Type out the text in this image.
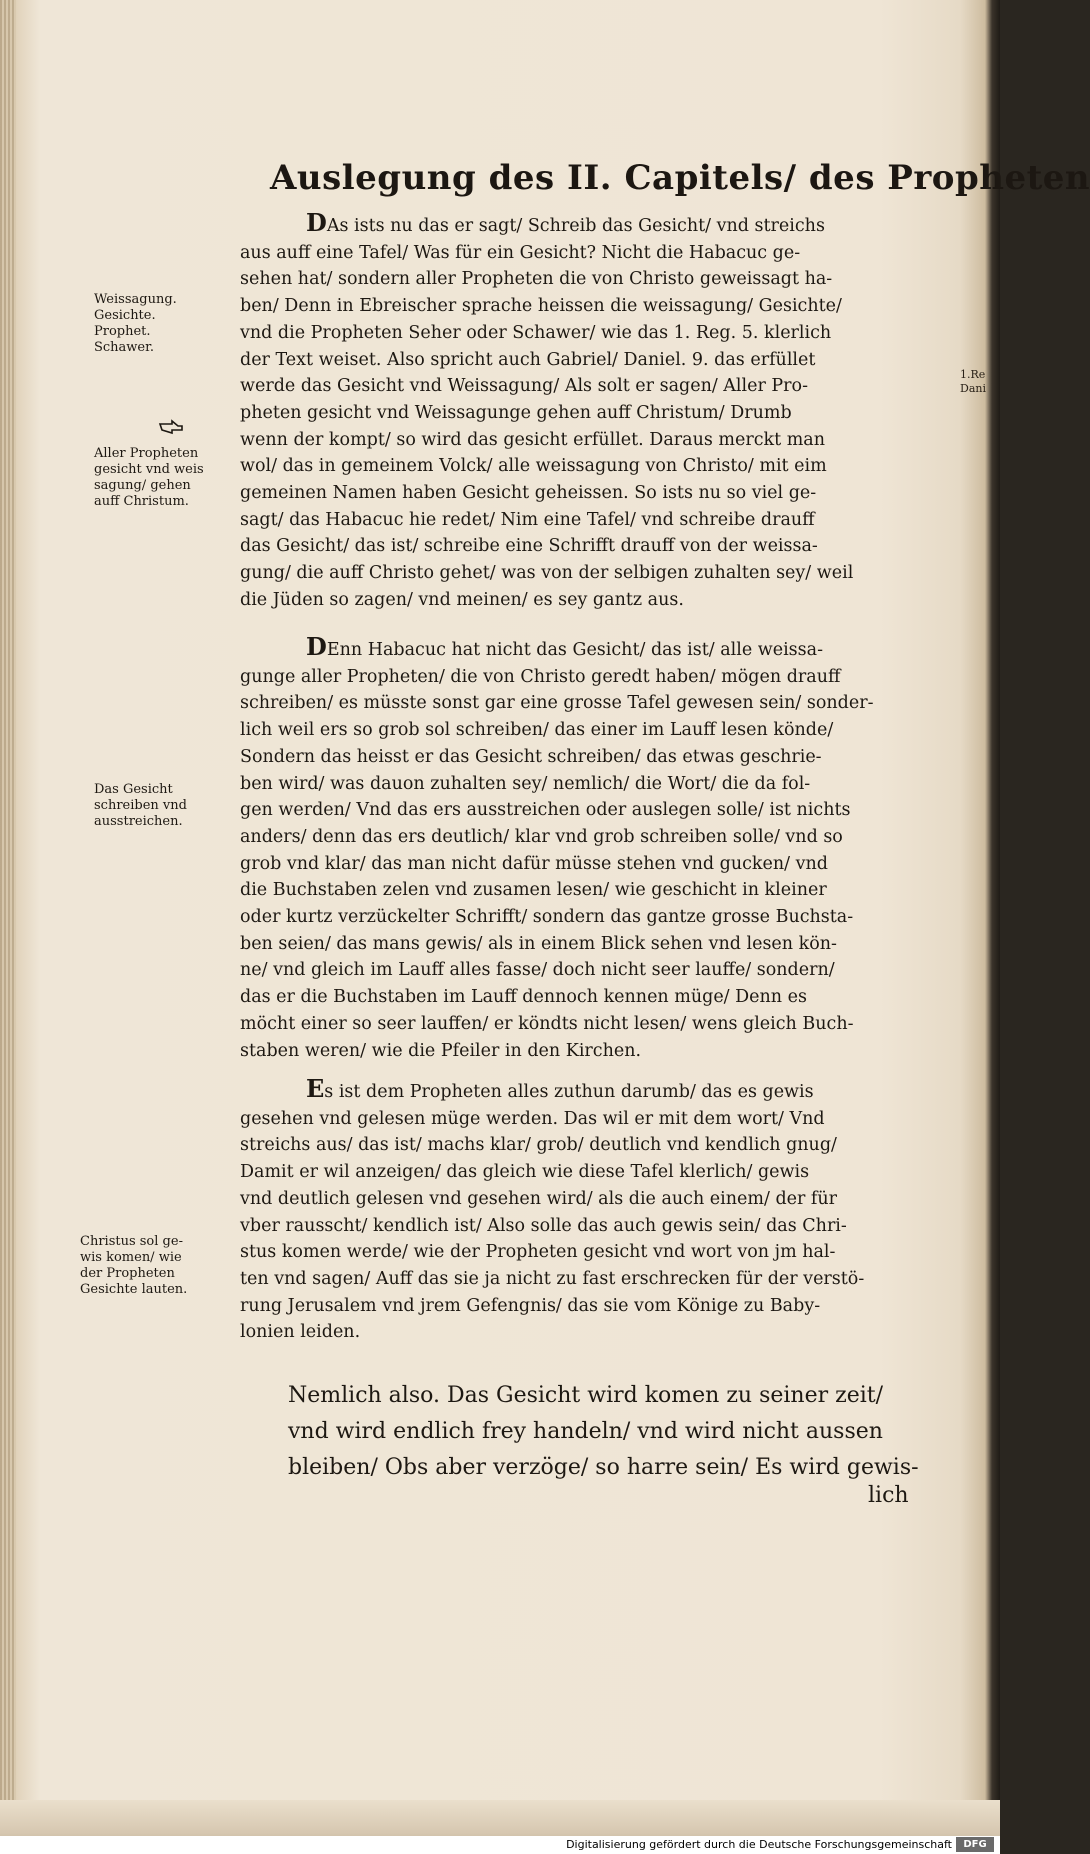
Auslegung des II. Capitels/ des Propheten
Weissagung.
Gesichte.
Prophet.
Schawer.
Aller Propheten
gesicht vnd weis
sagung/ gehen
auff Christum.
Das Gesicht
schreiben vnd
ausstreichen.
Christus sol ge-
wis komen/ wie
der Propheten
Gesichte lauten.
1.Re
Dani
DAs ists nu das er sagt/ Schreib das Gesicht/ vnd streichs
aus auff eine Tafel/ Was für ein Gesicht? Nicht die Habacuc ge-
sehen hat/ sondern aller Propheten die von Christo geweissagt ha-
ben/ Denn in Ebreischer sprache heissen die weissagung/ Gesichte/
vnd die Propheten Seher oder Schawer/ wie das 1. Reg. 5. klerlich
der Text weiset. Also spricht auch Gabriel/ Daniel. 9. das erfüllet
werde das Gesicht vnd Weissagung/ Als solt er sagen/ Aller Pro-
pheten gesicht vnd Weissagunge gehen auff Christum/ Drumb
wenn der kompt/ so wird das gesicht erfüllet. Daraus merckt man
wol/ das in gemeinem Volck/ alle weissagung von Christo/ mit eim
gemeinen Namen haben Gesicht geheissen. So ists nu so viel ge-
sagt/ das Habacuc hie redet/ Nim eine Tafel/ vnd schreibe drauff
das Gesicht/ das ist/ schreibe eine Schrifft drauff von der weissa-
gung/ die auff Christo gehet/ was von der selbigen zuhalten sey/ weil
die Jüden so zagen/ vnd meinen/ es sey gantz aus.
DEnn Habacuc hat nicht das Gesicht/ das ist/ alle weissa-
gunge aller Propheten/ die von Christo geredt haben/ mögen drauff
schreiben/ es müsste sonst gar eine grosse Tafel gewesen sein/ sonder-
lich weil ers so grob sol schreiben/ das einer im Lauff lesen könde/
Sondern das heisst er das Gesicht schreiben/ das etwas geschrie-
ben wird/ was dauon zuhalten sey/ nemlich/ die Wort/ die da fol-
gen werden/ Vnd das ers ausstreichen oder auslegen solle/ ist nichts
anders/ denn das ers deutlich/ klar vnd grob schreiben solle/ vnd so
grob vnd klar/ das man nicht dafür müsse stehen vnd gucken/ vnd
die Buchstaben zelen vnd zusamen lesen/ wie geschicht in kleiner
oder kurtz verzückelter Schrifft/ sondern das gantze grosse Buchsta-
ben seien/ das mans gewis/ als in einem Blick sehen vnd lesen kön-
ne/ vnd gleich im Lauff alles fasse/ doch nicht seer lauffe/ sondern/
das er die Buchstaben im Lauff dennoch kennen müge/ Denn es
möcht einer so seer lauffen/ er köndts nicht lesen/ wens gleich Buch-
staben weren/ wie die Pfeiler in den Kirchen.
Es ist dem Propheten alles zuthun darumb/ das es gewis
gesehen vnd gelesen müge werden. Das wil er mit dem wort/ Vnd
streichs aus/ das ist/ machs klar/ grob/ deutlich vnd kendlich gnug/
Damit er wil anzeigen/ das gleich wie diese Tafel klerlich/ gewis
vnd deutlich gelesen vnd gesehen wird/ als die auch einem/ der für
vber rausscht/ kendlich ist/ Also solle das auch gewis sein/ das Chri-
stus komen werde/ wie der Propheten gesicht vnd wort von jm hal-
ten vnd sagen/ Auff das sie ja nicht zu fast erschrecken für der verstö-
rung Jerusalem vnd jrem Gefengnis/ das sie vom Könige zu Baby-
lonien leiden.
Nemlich also. Das Gesicht wird komen zu seiner zeit/
vnd wird endlich frey handeln/ vnd wird nicht aussen
bleiben/ Obs aber verzöge/ so harre sein/ Es wird gewis-
lich
Digitalisierung gefördert durch die Deutsche Forschungsgemeinschaft	DFG
